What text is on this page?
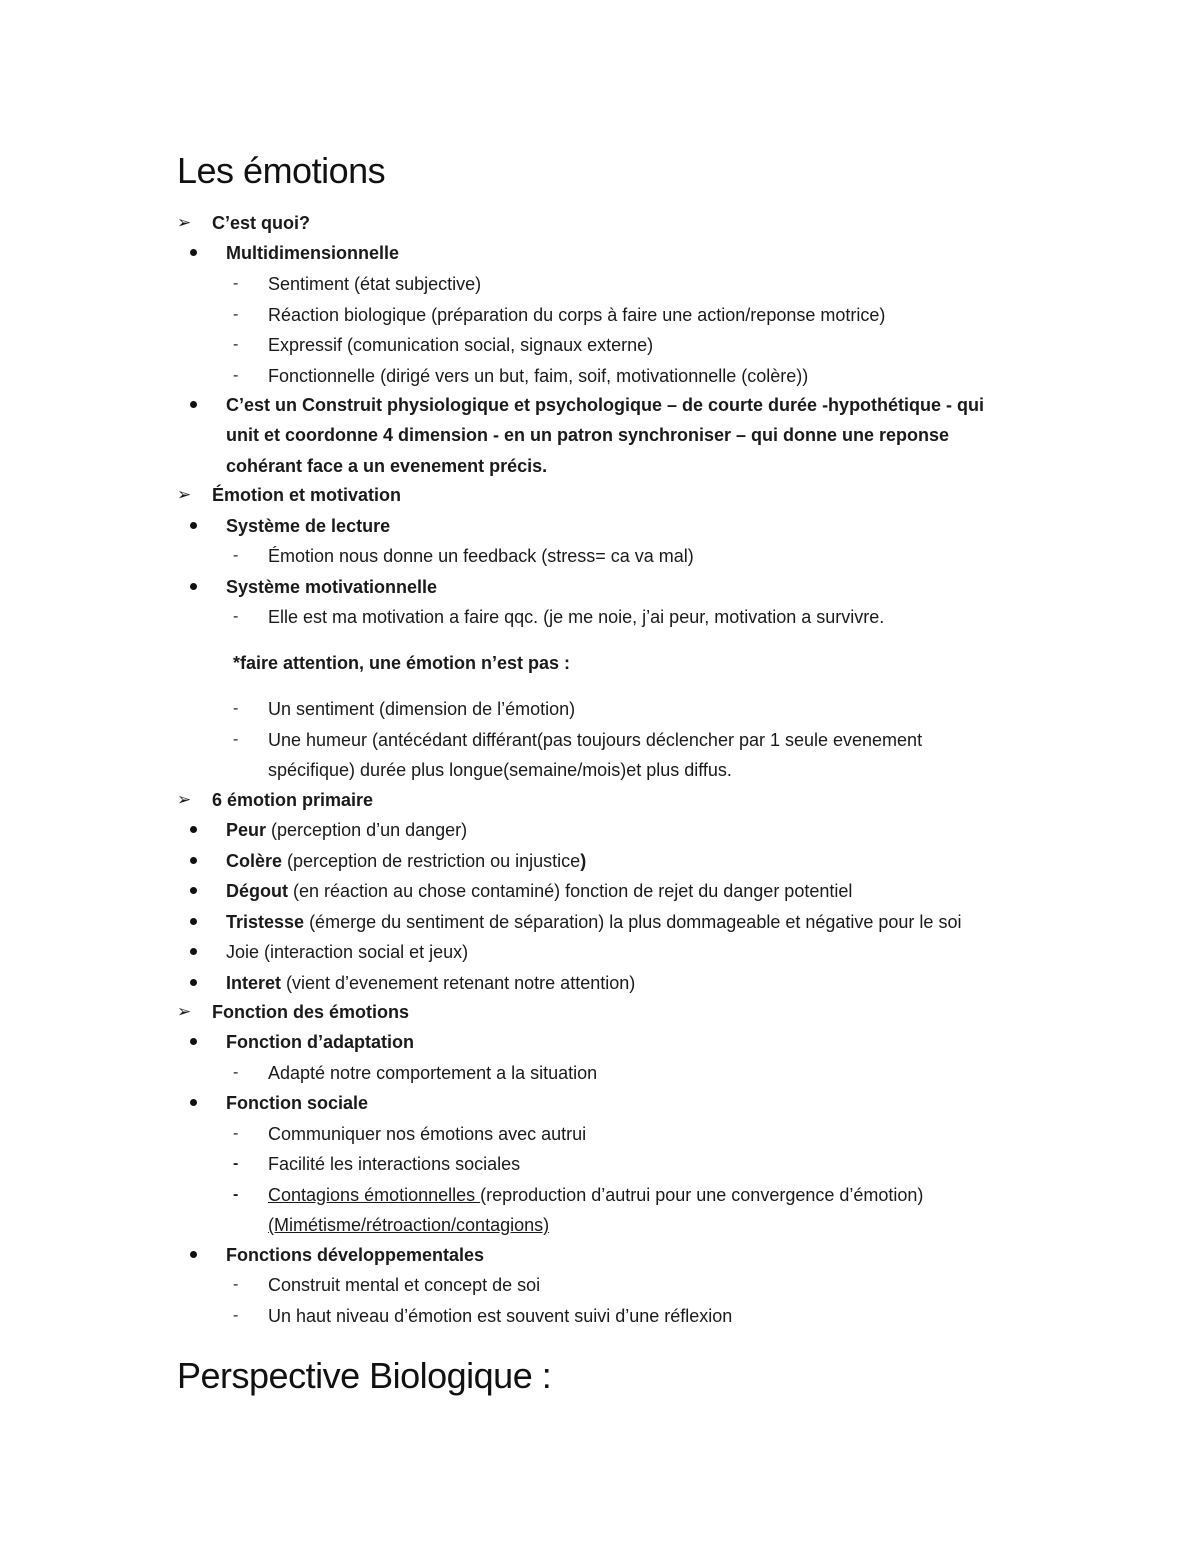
Les émotions
➢ C’est quoi?
Multidimensionnelle
- Sentiment (état subjective)
- Réaction biologique (préparation du corps à faire une action/reponse motrice)
- Expressif (comunication social, signaux externe)
- Fonctionnelle (dirigé vers un but, faim, soif, motivationnelle (colère))
C’est un Construit physiologique et psychologique – de courte durée -hypothétique - qui
unit et coordonne 4 dimension - en un patron synchroniser – qui donne une reponse
cohérant face a un evenement précis.
➢ Émotion et motivation
Système de lecture
- Émotion nous donne un feedback (stress= ca va mal)
Système motivationnelle
- Elle est ma motivation a faire qqc. (je me noie, j’ai peur, motivation a survivre.
*faire attention, une émotion n’est pas :
- Un sentiment (dimension de l’émotion)
- Une humeur (antécédant différant(pas toujours déclencher par 1 seule evenement
spécifique) durée plus longue(semaine/mois)et plus diffus.
➢ 6 émotion primaire
Peur (perception d’un danger)
Colère (perception de restriction ou injustice)
Dégout (en réaction au chose contaminé) fonction de rejet du danger potentiel
Tristesse (émerge du sentiment de séparation) la plus dommageable et négative pour le soi
Joie (interaction social et jeux)
Interet (vient d’evenement retenant notre attention)
➢ Fonction des émotions
Fonction d’adaptation
- Adapté notre comportement a la situation
Fonction sociale
- Communiquer nos émotions avec autrui
- Facilité les interactions sociales
- Contagions émotionnelles (reproduction d’autrui pour une convergence d’émotion)
(Mimétisme/rétroaction/contagions)
Fonctions développementales
- Construit mental et concept de soi
- Un haut niveau d’émotion est souvent suivi d’une réflexion
Perspective Biologique :
